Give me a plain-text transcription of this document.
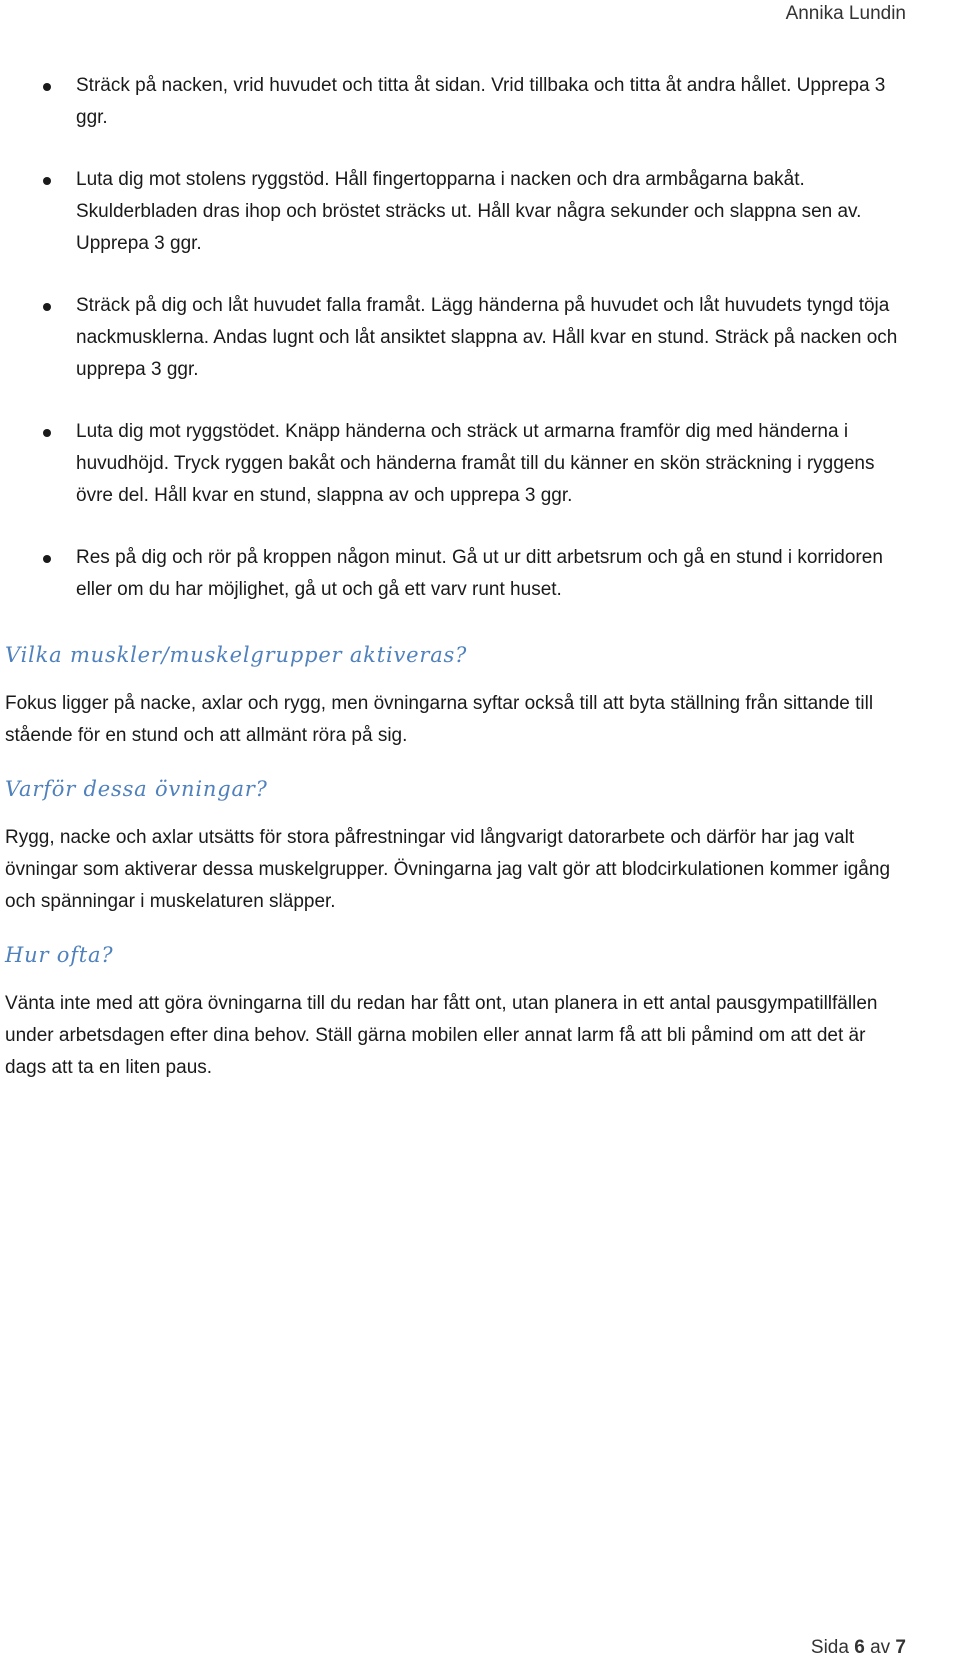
Annika Lundin
Sträck på nacken, vrid huvudet och titta åt sidan. Vrid tillbaka och titta åt andra hållet. Upprepa 3 ggr.
Luta dig mot stolens ryggstöd. Håll fingertopparna i nacken och dra armbågarna bakåt. Skulderbladen dras ihop och bröstet sträcks ut. Håll kvar några sekunder och slappna sen av. Upprepa 3 ggr.
Sträck på dig och låt huvudet falla framåt. Lägg händerna på huvudet och låt huvudets tyngd töja nackmusklerna. Andas lugnt och låt ansiktet slappna av. Håll kvar en stund. Sträck på nacken och upprepa 3 ggr.
Luta dig mot ryggstödet. Knäpp händerna och sträck ut armarna framför dig med händerna i huvudhöjd. Tryck ryggen bakåt och händerna framåt till du känner en skön sträckning i ryggens övre del. Håll kvar en stund, slappna av och upprepa 3 ggr.
Res på dig och rör på kroppen någon minut. Gå ut ur ditt arbetsrum och gå en stund i korridoren eller om du har möjlighet, gå ut och gå ett varv runt huset.
Vilka muskler/muskelgrupper aktiveras?

Fokus ligger på nacke, axlar och rygg, men övningarna syftar också till att byta ställning från sittande till stående för en stund och att allmänt röra på sig.

Varför dessa övningar?

Rygg, nacke och axlar utsätts för stora påfrestningar vid långvarigt datorarbete och därför har jag valt övningar som aktiverar dessa muskelgrupper. Övningarna jag valt gör att blodcirkulationen kommer igång och spänningar i muskelaturen släpper.

Hur ofta?

Vänta inte med att göra övningarna till du redan har fått ont, utan planera in ett antal pausgympatillfällen under arbetsdagen efter dina behov. Ställ gärna mobilen eller annat larm få att bli påmind om att det är dags att ta en liten paus.

Sida 6 av 7
